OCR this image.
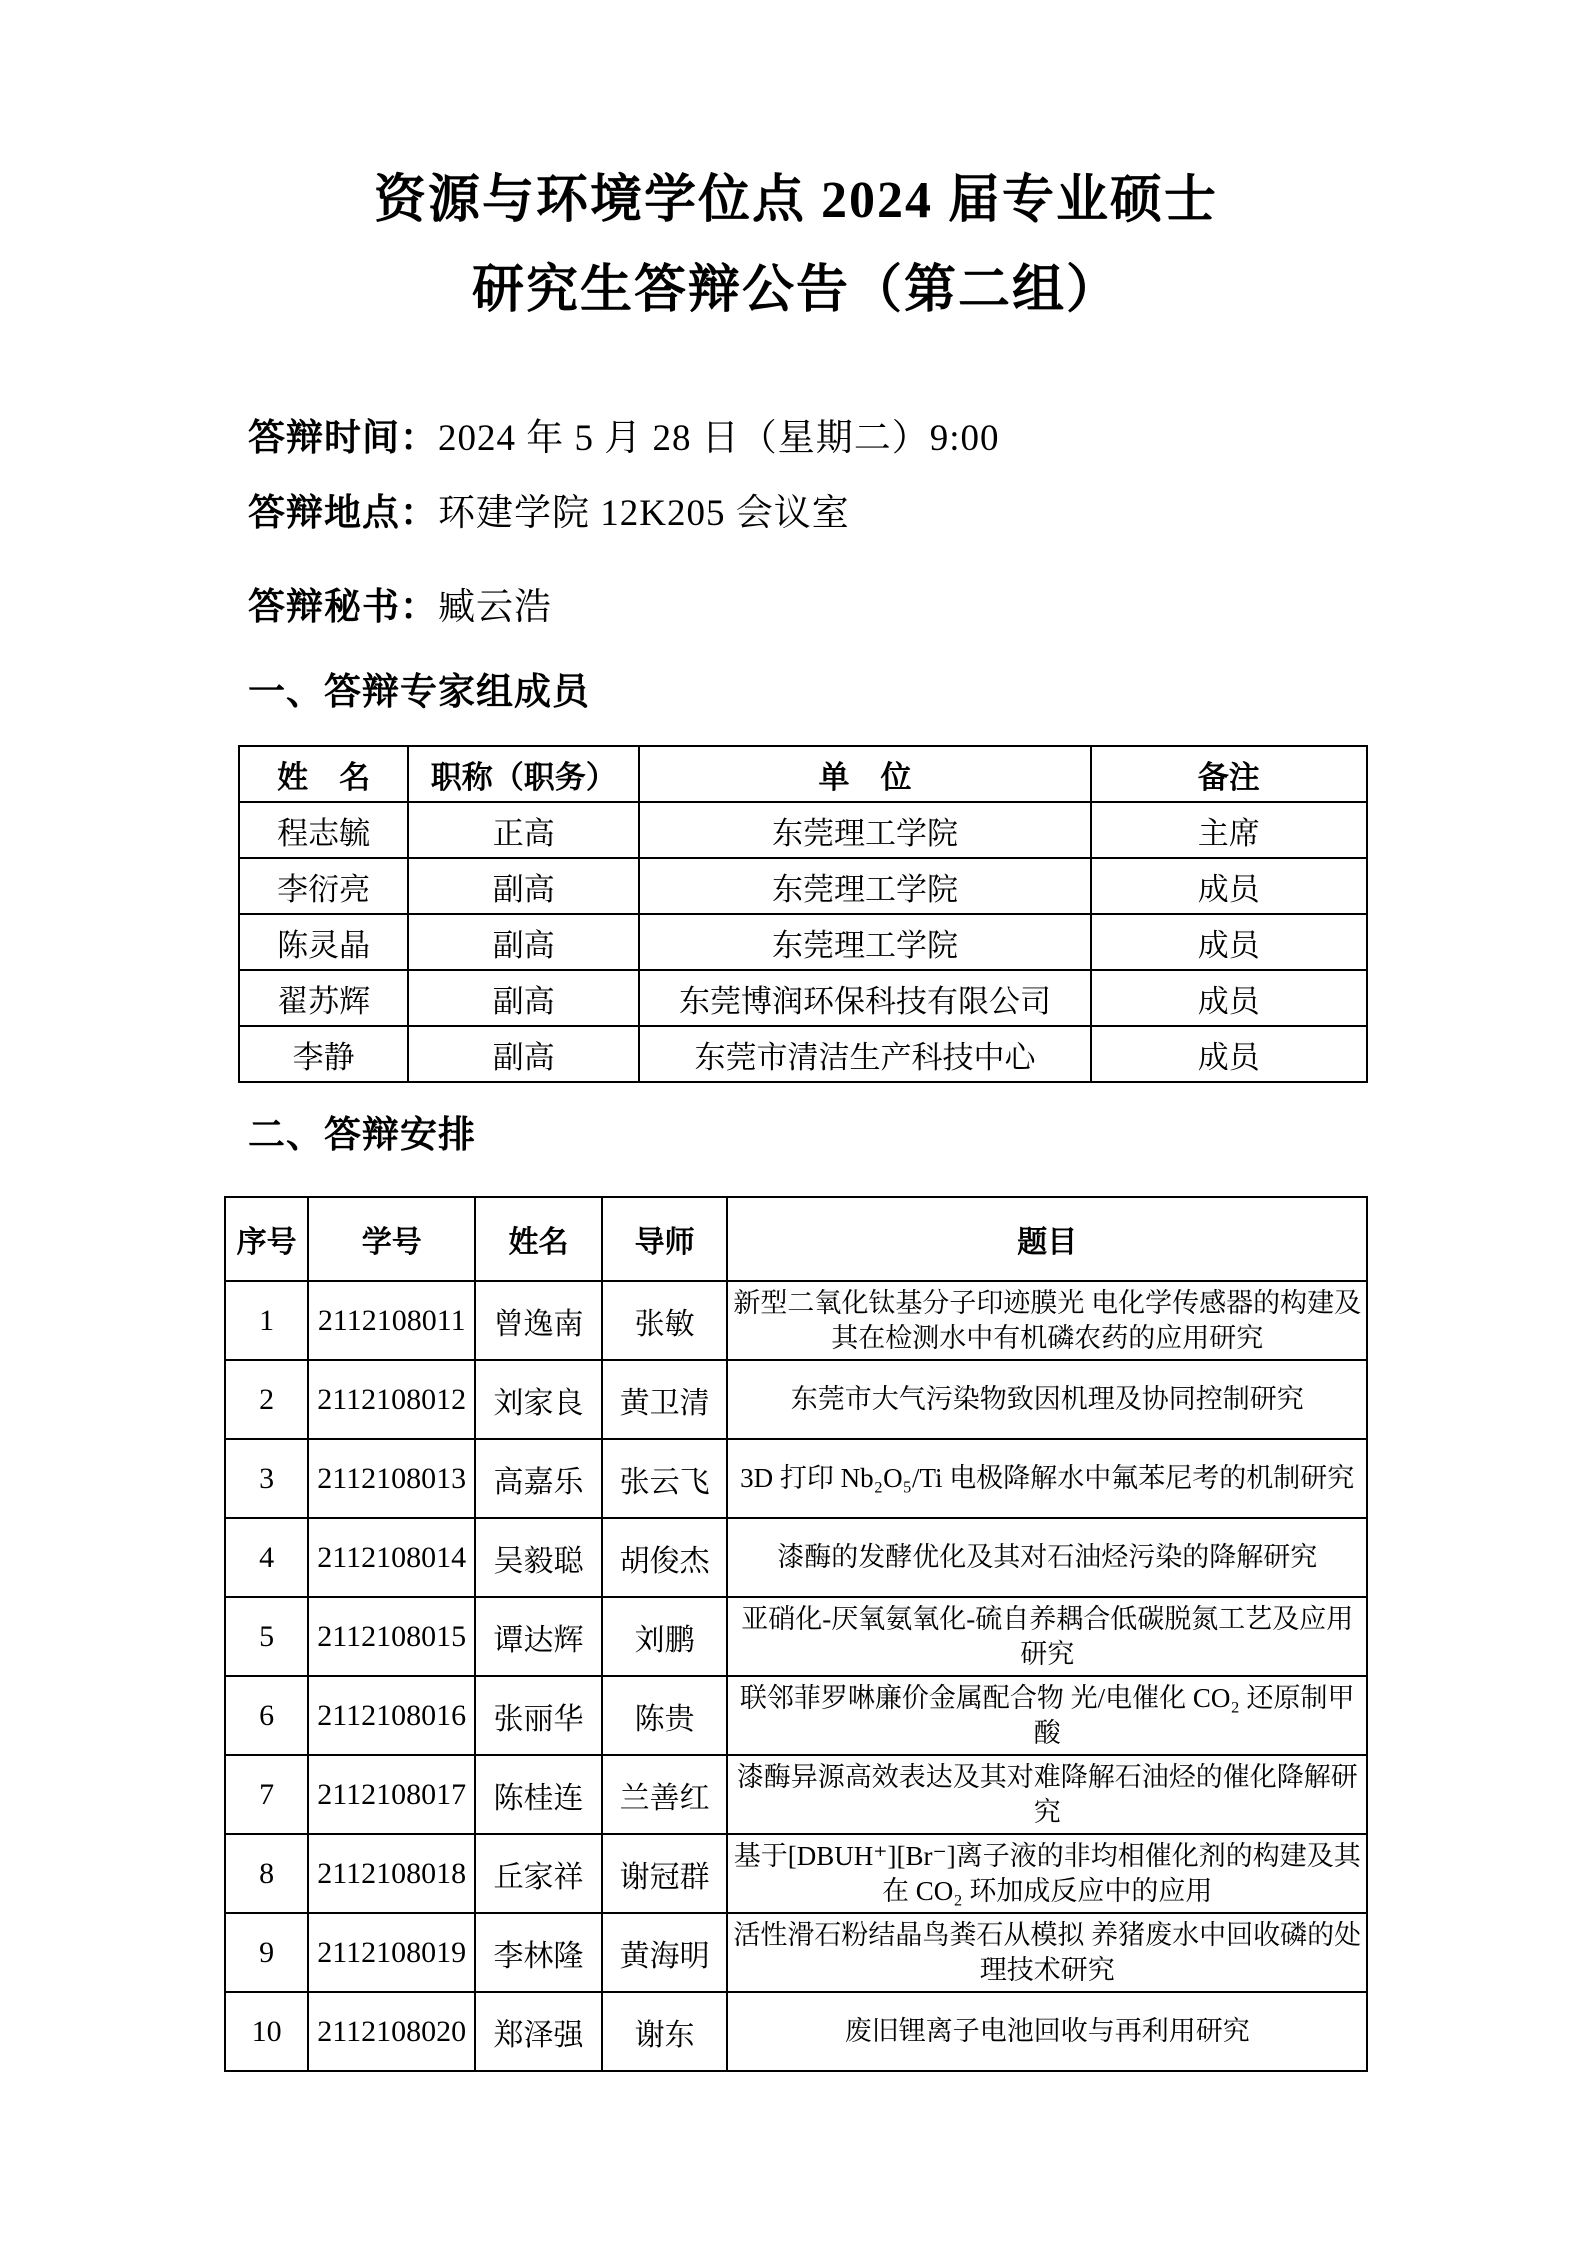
资源与环境学位点 2024 届专业硕士
研究生答辩公告（第二组）
答辩时间：2024 年 5 月 28 日（星期二）9:00
答辩地点：环建学院 12K205 会议室
答辩秘书：臧云浩
一、答辩专家组成员
姓　名	职称（职务）	单　位	备注
程志毓	正高	东莞理工学院	主席
李衍亮	副高	东莞理工学院	成员
陈灵晶	副高	东莞理工学院	成员
翟苏辉	副高	东莞博润环保科技有限公司	成员
李静	副高	东莞市清洁生产科技中心	成员
二、答辩安排
序号	学号	姓名	导师	题目
1	2112108011	曾逸南	张敏	新型二氧化钛基分子印迹膜光 电化学传感器的构建及其在检测水中有机磷农药的应用研究
2	2112108012	刘家良	黄卫清	东莞市大气污染物致因机理及协同控制研究
3	2112108013	高嘉乐	张云飞	3D 打印 Nb₂O₅/Ti 电极降解水中氟苯尼考的机制研究
4	2112108014	吴毅聪	胡俊杰	漆酶的发酵优化及其对石油烃污染的降解研究
5	2112108015	谭达辉	刘鹏	亚硝化-厌氧氨氧化-硫自养耦合低碳脱氮工艺及应用研究
6	2112108016	张丽华	陈贵	联邻菲罗啉廉价金属配合物 光/电催化 CO₂ 还原制甲酸
7	2112108017	陈桂连	兰善红	漆酶异源高效表达及其对难降解石油烃的催化降解研究
8	2112108018	丘家祥	谢冠群	基于[DBUH⁺][Br⁻]离子液的非均相催化剂的构建及其在 CO₂ 环加成反应中的应用
9	2112108019	李林隆	黄海明	活性滑石粉结晶鸟粪石从模拟 养猪废水中回收磷的处理技术研究
10	2112108020	郑泽强	谢东	废旧锂离子电池回收与再利用研究
